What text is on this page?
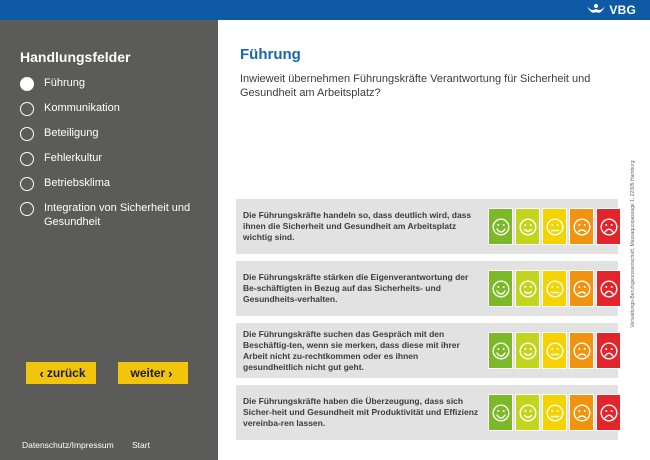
VBG
Handlungsfelder
Führung
Kommunikation
Beteiligung
Fehlerkultur
Betriebsklima
Integration von Sicherheit und Gesundheit
‹ zurück	weiter ›
Datenschutz/Impressum Start
Führung
Inwieweit übernehmen Führungskräfte Verantwortung für Sicherheit und Gesundheit am Arbeitsplatz?
Die Führungskräfte handeln so, dass deutlich wird, dass ihnen die Sicherheit und Gesundheit am Arbeitsplatz wichtig sind.
Die Führungskräfte stärken die Eigenverantwortung der Be-schäftigten in Bezug auf das Sicherheits- und Gesundheits-verhalten.
Die Führungskräfte suchen das Gespräch mit den Beschäftig-ten, wenn sie merken, dass diese mit ihrer Arbeit nicht zu-rechtkommen oder es ihnen gesundheitlich nicht gut geht.
Die Führungskräfte haben die Überzeugung, dass sich Sicher-heit und Gesundheit mit Produktivität und Effizienz vereinba-ren lassen.
Verwaltungs-Berufsgenossenschaft, Massaquoipassage 1, 22305 Hamburg
